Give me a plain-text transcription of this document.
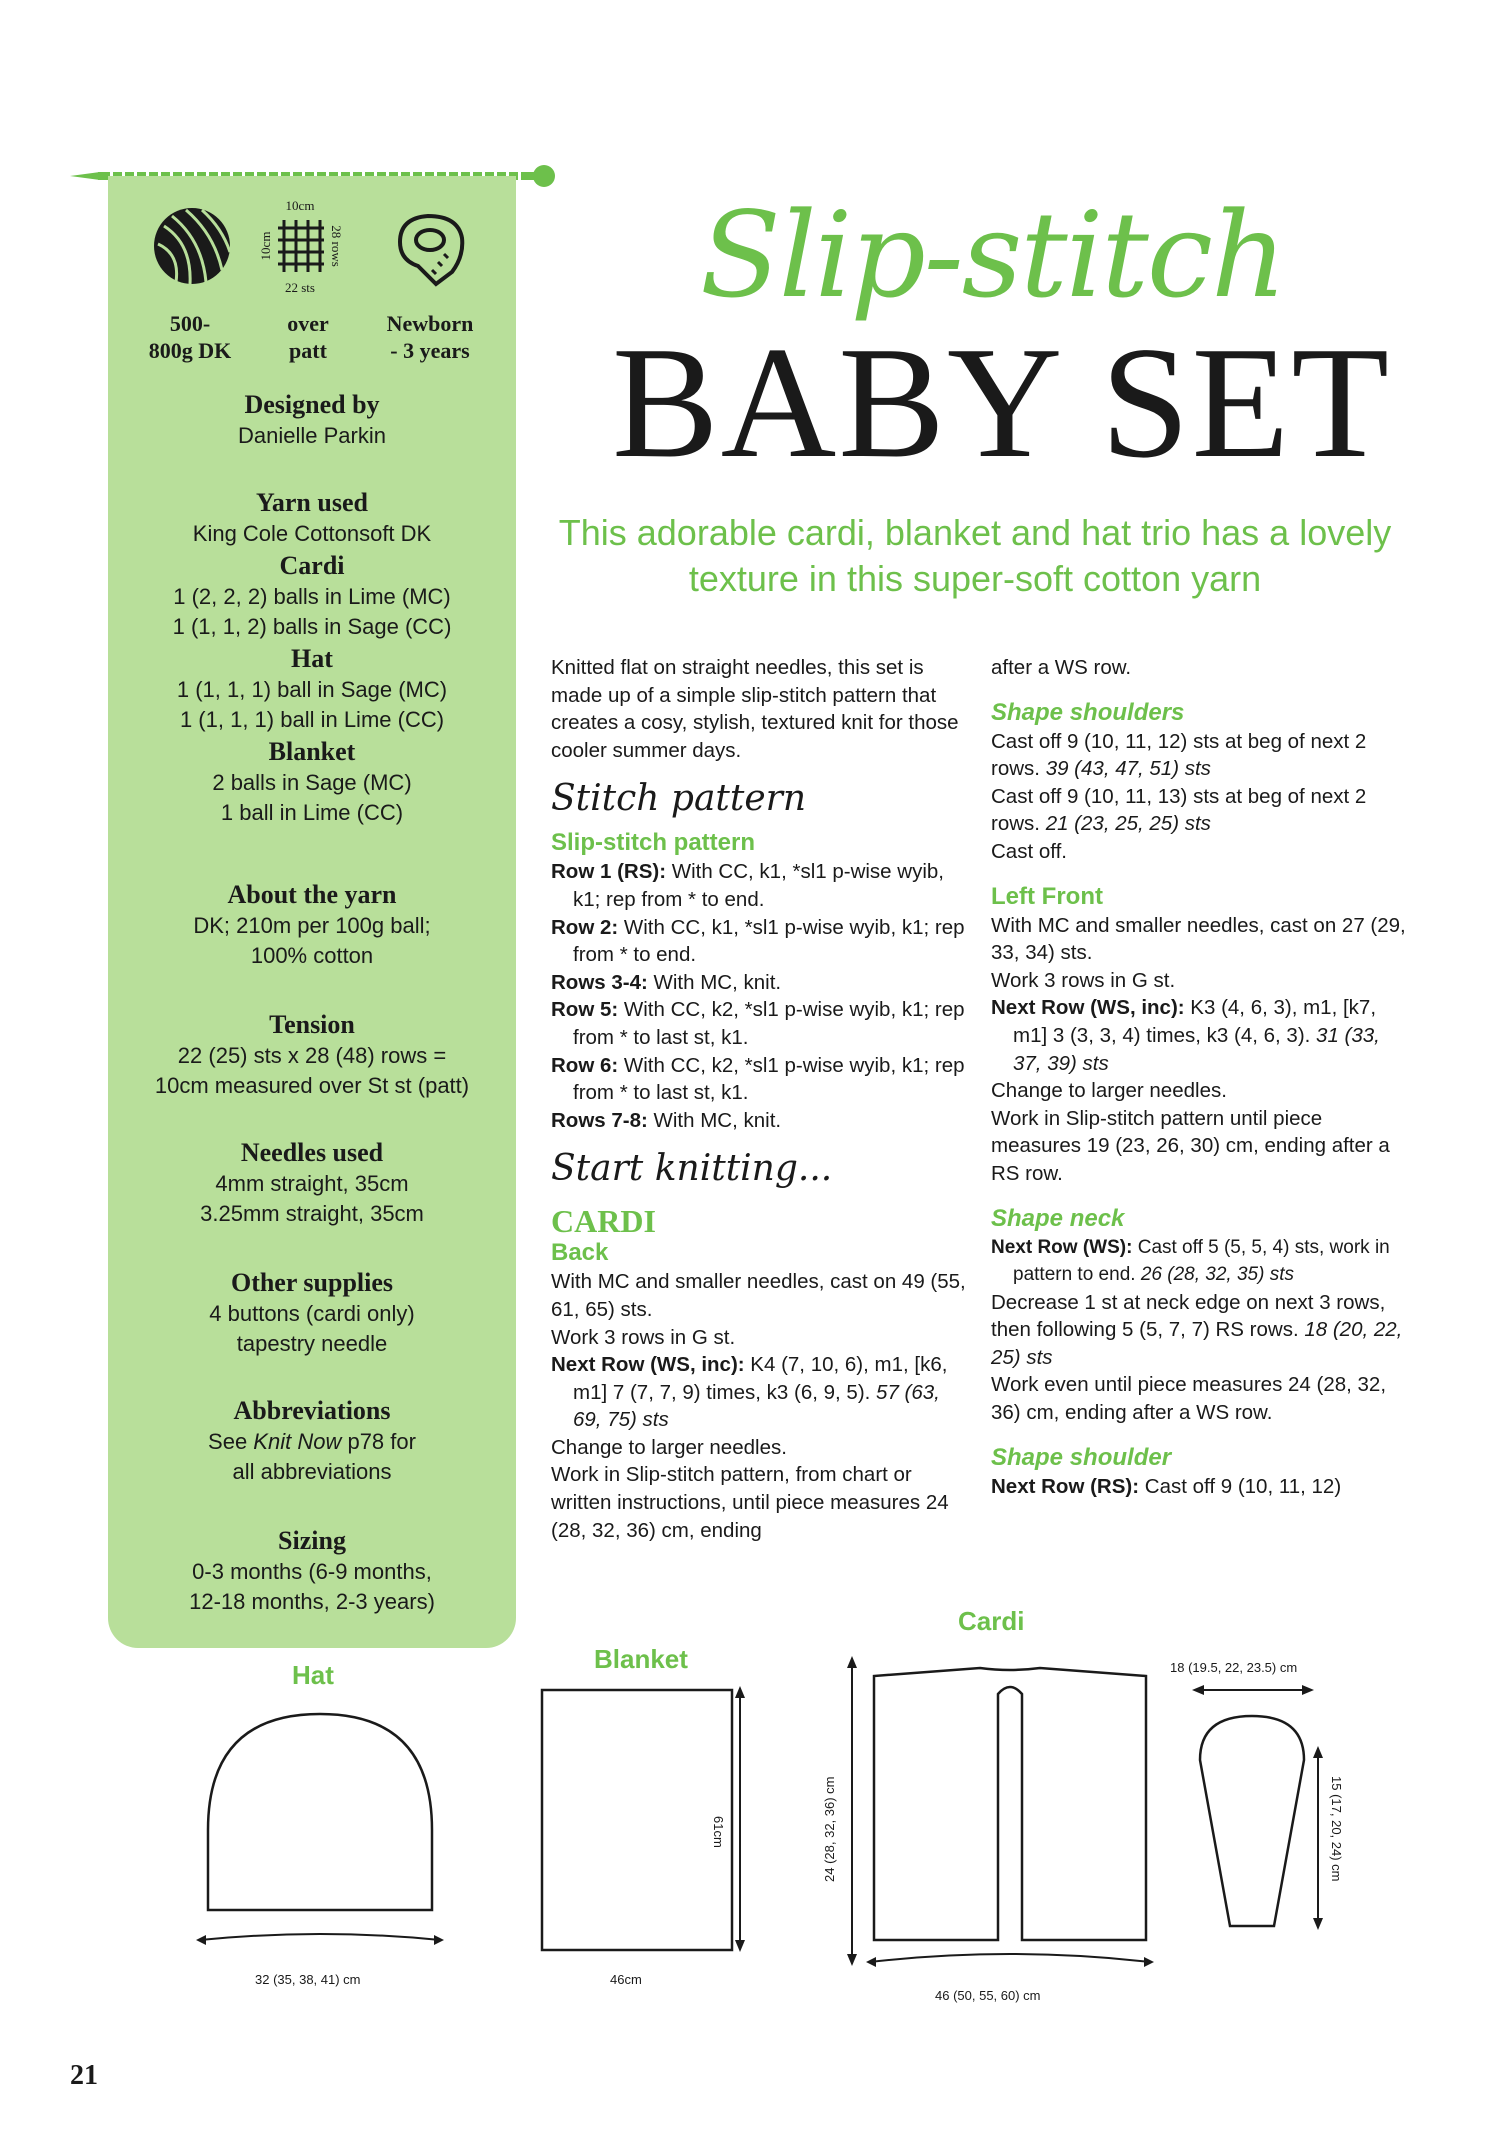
10cm
10cm	28 rows
22 sts
500-
800g DK
over
patt
Newborn
- 3 years
Designed by
Danielle Parkin
Yarn used
King Cole Cottonsoft DK
Cardi
1 (2, 2, 2) balls in Lime (MC)
1 (1, 1, 2) balls in Sage (CC)
Hat
1 (1, 1, 1) ball in Sage (MC)
1 (1, 1, 1) ball in Lime (CC)
Blanket
2 balls in Sage (MC)
1 ball in Lime (CC)
About the yarn
DK; 210m per 100g ball;
100% cotton
Tension
22 (25) sts x 28 (48) rows =
10cm measured over St st (patt)
Needles used
4mm straight, 35cm
3.25mm straight, 35cm
Other supplies
4 buttons (cardi only)
tapestry needle
Abbreviations
See Knit Now p78 for
all abbreviations
Sizing
0-3 months (6-9 months,
12-18 months, 2-3 years)
Slip-stitch
BABY SET
This adorable cardi, blanket and hat trio has a lovely texture in this super-soft cotton yarn

Knitted flat on straight needles, this set is made up of a simple slip-stitch pattern that creates a cosy, stylish, textured knit for those cooler summer days.

Stitch pattern

Slip-stitch pattern

Row 1 (RS): With CC, k1, *sl1 p-wise wyib, k1; rep from * to end.

Row 2: With CC, k1, *sl1 p-wise wyib, k1; rep from * to end.

Rows 3-4: With MC, knit.

Row 5: With CC, k2, *sl1 p-wise wyib, k1; rep from * to last st, k1.

Row 6: With CC, k2, *sl1 p-wise wyib, k1; rep from * to last st, k1.

Rows 7-8: With MC, knit.

Start knitting...

CARDI

Back

With MC and smaller needles, cast on 49 (55, 61, 65) sts.

Work 3 rows in G st.

Next Row (WS, inc): K4 (7, 10, 6), m1, [k6, m1] 7 (7, 7, 9) times, k3 (6, 9, 5). 57 (63, 69, 75) sts

Change to larger needles.

Work in Slip-stitch pattern, from chart or written instructions, until piece measures 24 (28, 32, 36) cm, ending

after a WS row.

Shape shoulders

Cast off 9 (10, 11, 12) sts at beg of next 2 rows. 39 (43, 47, 51) sts

Cast off 9 (10, 11, 13) sts at beg of next 2 rows. 21 (23, 25, 25) sts

Cast off.

Left Front

With MC and smaller needles, cast on 27 (29, 33, 34) sts.

Work 3 rows in G st.

Next Row (WS, inc): K3 (4, 6, 3), m1, [k7, m1] 3 (3, 3, 4) times, k3 (4, 6, 3). 31 (33, 37, 39) sts

Change to larger needles.

Work in Slip-stitch pattern until piece measures 19 (23, 26, 30) cm, ending after a RS row.

Shape neck

Next Row (WS): Cast off 5 (5, 5, 4) sts, work in pattern to end. 26 (28, 32, 35) sts

Decrease 1 st at neck edge on next 3 rows, then following 5 (5, 7, 7) RS rows. 18 (20, 22, 25) sts

Work even until piece measures 24 (28, 32, 36) cm, ending after a WS row.

Shape shoulder

Next Row (RS): Cast off 9 (10, 11, 12)

Hat
32 (35, 38, 41) cm
Blanket
61cm
46cm
Cardi
24 (28, 32, 36) cm
46 (50, 55, 60) cm
18 (19.5, 22, 23.5) cm
15 (17, 20, 24) cm
21
